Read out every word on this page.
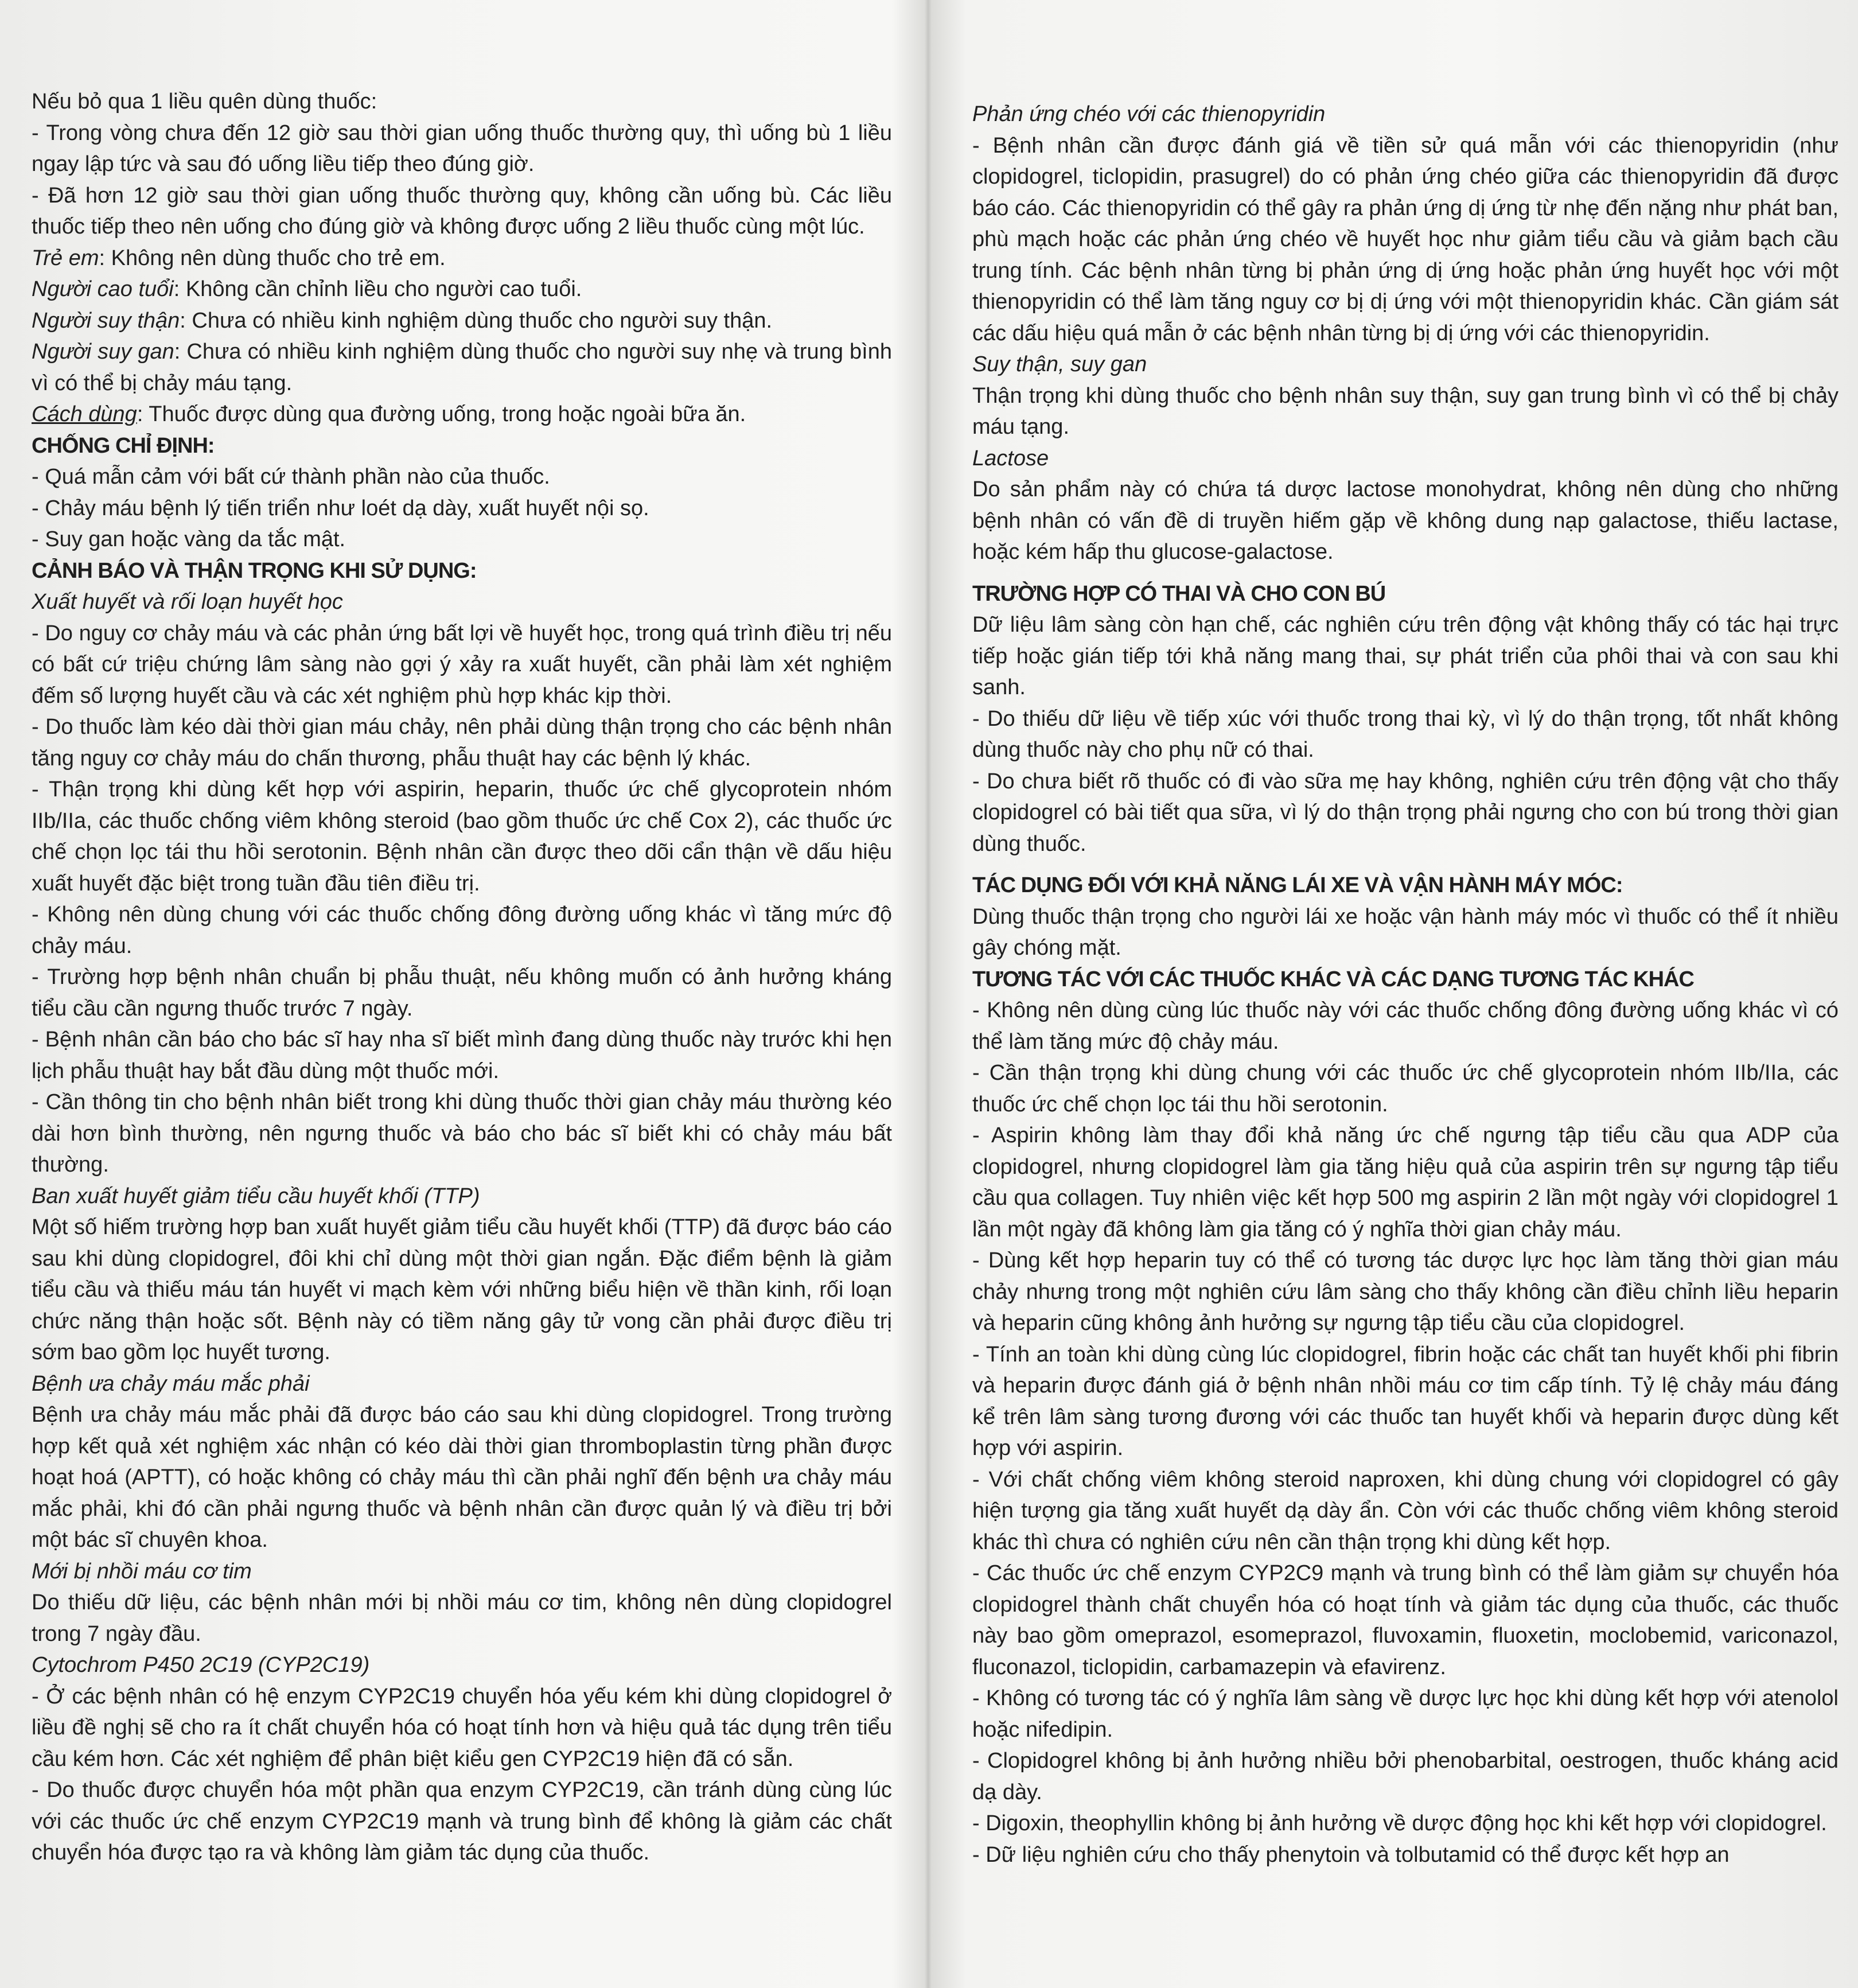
Nếu bỏ qua 1 liều quên dùng thuốc:

- Trong vòng chưa đến 12 giờ sau thời gian uống thuốc thường quy, thì uống bù 1 liều ngay lập tức và sau đó uống liều tiếp theo đúng giờ.

- Đã hơn 12 giờ sau thời gian uống thuốc thường quy, không cần uống bù. Các liều thuốc tiếp theo nên uống cho đúng giờ và không được uống 2 liều thuốc cùng một lúc.

Trẻ em: Không nên dùng thuốc cho trẻ em.

Người cao tuổi: Không cần chỉnh liều cho người cao tuổi.

Người suy thận: Chưa có nhiều kinh nghiệm dùng thuốc cho người suy thận.

Người suy gan: Chưa có nhiều kinh nghiệm dùng thuốc cho người suy nhẹ và trung bình vì có thể bị chảy máu tạng.

Cách dùng: Thuốc được dùng qua đường uống, trong hoặc ngoài bữa ăn.

CHỐNG CHỈ ĐỊNH:

- Quá mẫn cảm với bất cứ thành phần nào của thuốc.

- Chảy máu bệnh lý tiến triển như loét dạ dày, xuất huyết nội sọ.

- Suy gan hoặc vàng da tắc mật.

CẢNH BÁO VÀ THẬN TRỌNG KHI SỬ DỤNG:

Xuất huyết và rối loạn huyết học

- Do nguy cơ chảy máu và các phản ứng bất lợi về huyết học, trong quá trình điều trị nếu có bất cứ triệu chứng lâm sàng nào gợi ý xảy ra xuất huyết, cần phải làm xét nghiệm đếm số lượng huyết cầu và các xét nghiệm phù hợp khác kịp thời.

- Do thuốc làm kéo dài thời gian máu chảy, nên phải dùng thận trọng cho các bệnh nhân tăng nguy cơ chảy máu do chấn thương, phẫu thuật hay các bệnh lý khác.

- Thận trọng khi dùng kết hợp với aspirin, heparin, thuốc ức chế glycoprotein nhóm IIb/IIa, các thuốc chống viêm không steroid (bao gồm thuốc ức chế Cox 2), các thuốc ức chế chọn lọc tái thu hồi serotonin. Bệnh nhân cần được theo dõi cẩn thận về dấu hiệu xuất huyết đặc biệt trong tuần đầu tiên điều trị.

- Không nên dùng chung với các thuốc chống đông đường uống khác vì tăng mức độ chảy máu.

- Trường hợp bệnh nhân chuẩn bị phẫu thuật, nếu không muốn có ảnh hưởng kháng tiểu cầu cần ngưng thuốc trước 7 ngày.

- Bệnh nhân cần báo cho bác sĩ hay nha sĩ biết mình đang dùng thuốc này trước khi hẹn lịch phẫu thuật hay bắt đầu dùng một thuốc mới.

- Cần thông tin cho bệnh nhân biết trong khi dùng thuốc thời gian chảy máu thường kéo dài hơn bình thường, nên ngưng thuốc và báo cho bác sĩ biết khi có chảy máu bất thường.

Ban xuất huyết giảm tiểu cầu huyết khối (TTP)

Một số hiếm trường hợp ban xuất huyết giảm tiểu cầu huyết khối (TTP) đã được báo cáo sau khi dùng clopidogrel, đôi khi chỉ dùng một thời gian ngắn. Đặc điểm bệnh là giảm tiểu cầu và thiếu máu tán huyết vi mạch kèm với những biểu hiện về thần kinh, rối loạn chức năng thận hoặc sốt. Bệnh này có tiềm năng gây tử vong cần phải được điều trị sớm bao gồm lọc huyết tương.

Bệnh ưa chảy máu mắc phải

Bệnh ưa chảy máu mắc phải đã được báo cáo sau khi dùng clopidogrel. Trong trường hợp kết quả xét nghiệm xác nhận có kéo dài thời gian thromboplastin từng phần được hoạt hoá (APTT), có hoặc không có chảy máu thì cần phải nghĩ đến bệnh ưa chảy máu mắc phải, khi đó cần phải ngưng thuốc và bệnh nhân cần được quản lý và điều trị bởi một bác sĩ chuyên khoa.

Mới bị nhồi máu cơ tim

Do thiếu dữ liệu, các bệnh nhân mới bị nhồi máu cơ tim, không nên dùng clopidogrel trong 7 ngày đầu.

Cytochrom P450 2C19 (CYP2C19)

- Ở các bệnh nhân có hệ enzym CYP2C19 chuyển hóa yếu kém khi dùng clopidogrel ở liều đề nghị sẽ cho ra ít chất chuyển hóa có hoạt tính hơn và hiệu quả tác dụng trên tiểu cầu kém hơn. Các xét nghiệm để phân biệt kiểu gen CYP2C19 hiện đã có sẵn.

- Do thuốc được chuyển hóa một phần qua enzym CYP2C19, cần tránh dùng cùng lúc với các thuốc ức chế enzym CYP2C19 mạnh và trung bình để không là giảm các chất chuyển hóa được tạo ra và không làm giảm tác dụng của thuốc.

Phản ứng chéo với các thienopyridin

- Bệnh nhân cần được đánh giá về tiền sử quá mẫn với các thienopyridin (như clopidogrel, ticlopidin, prasugrel) do có phản ứng chéo giữa các thienopyridin đã được báo cáo. Các thienopyridin có thể gây ra phản ứng dị ứng từ nhẹ đến nặng như phát ban, phù mạch hoặc các phản ứng chéo về huyết học như giảm tiểu cầu và giảm bạch cầu trung tính. Các bệnh nhân từng bị phản ứng dị ứng hoặc phản ứng huyết học với một thienopyridin có thể làm tăng nguy cơ bị dị ứng với một thienopyridin khác. Cần giám sát các dấu hiệu quá mẫn ở các bệnh nhân từng bị dị ứng với các thienopyridin.

Suy thận, suy gan

Thận trọng khi dùng thuốc cho bệnh nhân suy thận, suy gan trung bình vì có thể bị chảy máu tạng.

Lactose

Do sản phẩm này có chứa tá dược lactose monohydrat, không nên dùng cho những bệnh nhân có vấn đề di truyền hiếm gặp về không dung nạp galactose, thiếu lactase, hoặc kém hấp thu glucose-galactose.

TRƯỜNG HỢP CÓ THAI VÀ CHO CON BÚ

Dữ liệu lâm sàng còn hạn chế, các nghiên cứu trên động vật không thấy có tác hại trực tiếp hoặc gián tiếp tới khả năng mang thai, sự phát triển của phôi thai và con sau khi sanh.

- Do thiếu dữ liệu về tiếp xúc với thuốc trong thai kỳ, vì lý do thận trọng, tốt nhất không dùng thuốc này cho phụ nữ có thai.

- Do chưa biết rõ thuốc có đi vào sữa mẹ hay không, nghiên cứu trên động vật cho thấy clopidogrel có bài tiết qua sữa, vì lý do thận trọng phải ngưng cho con bú trong thời gian dùng thuốc.

TÁC DỤNG ĐỐI VỚI KHẢ NĂNG LÁI XE VÀ VẬN HÀNH MÁY MÓC:

Dùng thuốc thận trọng cho người lái xe hoặc vận hành máy móc vì thuốc có thể ít nhiều gây chóng mặt.

TƯƠNG TÁC VỚI CÁC THUỐC KHÁC VÀ CÁC DẠNG TƯƠNG TÁC KHÁC

- Không nên dùng cùng lúc thuốc này với các thuốc chống đông đường uống khác vì có thể làm tăng mức độ chảy máu.

- Cần thận trọng khi dùng chung với các thuốc ức chế glycoprotein nhóm IIb/IIa, các thuốc ức chế chọn lọc tái thu hồi serotonin.

- Aspirin không làm thay đổi khả năng ức chế ngưng tập tiểu cầu qua ADP của clopidogrel, nhưng clopidogrel làm gia tăng hiệu quả của aspirin trên sự ngưng tập tiểu cầu qua collagen. Tuy nhiên việc kết hợp 500 mg aspirin 2 lần một ngày với clopidogrel 1 lần một ngày đã không làm gia tăng có ý nghĩa thời gian chảy máu.

- Dùng kết hợp heparin tuy có thể có tương tác dược lực học làm tăng thời gian máu chảy nhưng trong một nghiên cứu lâm sàng cho thấy không cần điều chỉnh liều heparin và heparin cũng không ảnh hưởng sự ngưng tập tiểu cầu của clopidogrel.

- Tính an toàn khi dùng cùng lúc clopidogrel, fibrin hoặc các chất tan huyết khối phi fibrin và heparin được đánh giá ở bệnh nhân nhồi máu cơ tim cấp tính. Tỷ lệ chảy máu đáng kể trên lâm sàng tương đương với các thuốc tan huyết khối và heparin được dùng kết hợp với aspirin.

- Với chất chống viêm không steroid naproxen, khi dùng chung với clopidogrel có gây hiện tượng gia tăng xuất huyết dạ dày ẩn. Còn với các thuốc chống viêm không steroid khác thì chưa có nghiên cứu nên cần thận trọng khi dùng kết hợp.

- Các thuốc ức chế enzym CYP2C9 mạnh và trung bình có thể làm giảm sự chuyển hóa clopidogrel thành chất chuyển hóa có hoạt tính và giảm tác dụng của thuốc, các thuốc này bao gồm omeprazol, esomeprazol, fluvoxamin, fluoxetin, moclobemid, variconazol, fluconazol, ticlopidin, carbamazepin và efavirenz.

- Không có tương tác có ý nghĩa lâm sàng về dược lực học khi dùng kết hợp với atenolol hoặc nifedipin.

- Clopidogrel không bị ảnh hưởng nhiều bởi phenobarbital, oestrogen, thuốc kháng acid dạ dày.

- Digoxin, theophyllin không bị ảnh hưởng về dược động học khi kết hợp với clopidogrel.

- Dữ liệu nghiên cứu cho thấy phenytoin và tolbutamid có thể được kết hợp an
